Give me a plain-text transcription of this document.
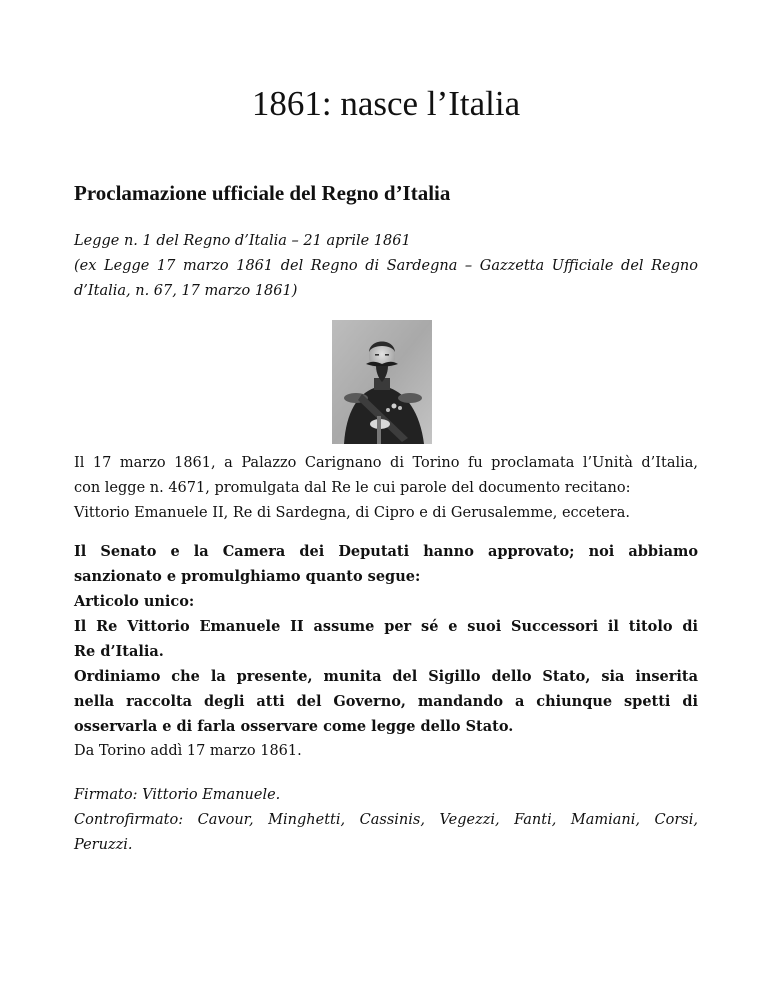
1861: nasce l’Italia
Proclamazione ufficiale del Regno d’Italia

Legge n. 1 del Regno d’Italia – 21 aprile 1861
(ex Legge 17 marzo 1861 del Regno di Sardegna – Gazzetta Ufficiale del Regno
d’Italia, n. 67, 17 marzo 1861)

Il 17 marzo 1861, a Palazzo Carignano di Torino fu proclamata l’Unità d’Italia,
con legge n. 4671, promulgata dal Re le cui parole del documento recitano:
Vittorio Emanuele II, Re di Sardegna, di Cipro e di Gerusalemme, eccetera.

Il Senato e la Camera dei Deputati hanno approvato; noi abbiamo
sanzionato e promulghiamo quanto segue:
Articolo unico:
Il Re Vittorio Emanuele II assume per sé e suoi Successori il titolo di
Re d’Italia.
Ordiniamo che la presente, munita del Sigillo dello Stato, sia inserita
nella raccolta degli atti del Governo, mandando a chiunque spetti di
osservarla e di farla osservare come legge dello Stato.
Da Torino addì 17 marzo 1861.

Firmato: Vittorio Emanuele.
Controfirmato: Cavour, Minghetti, Cassinis, Vegezzi, Fanti, Mamiani, Corsi,
Peruzzi.
